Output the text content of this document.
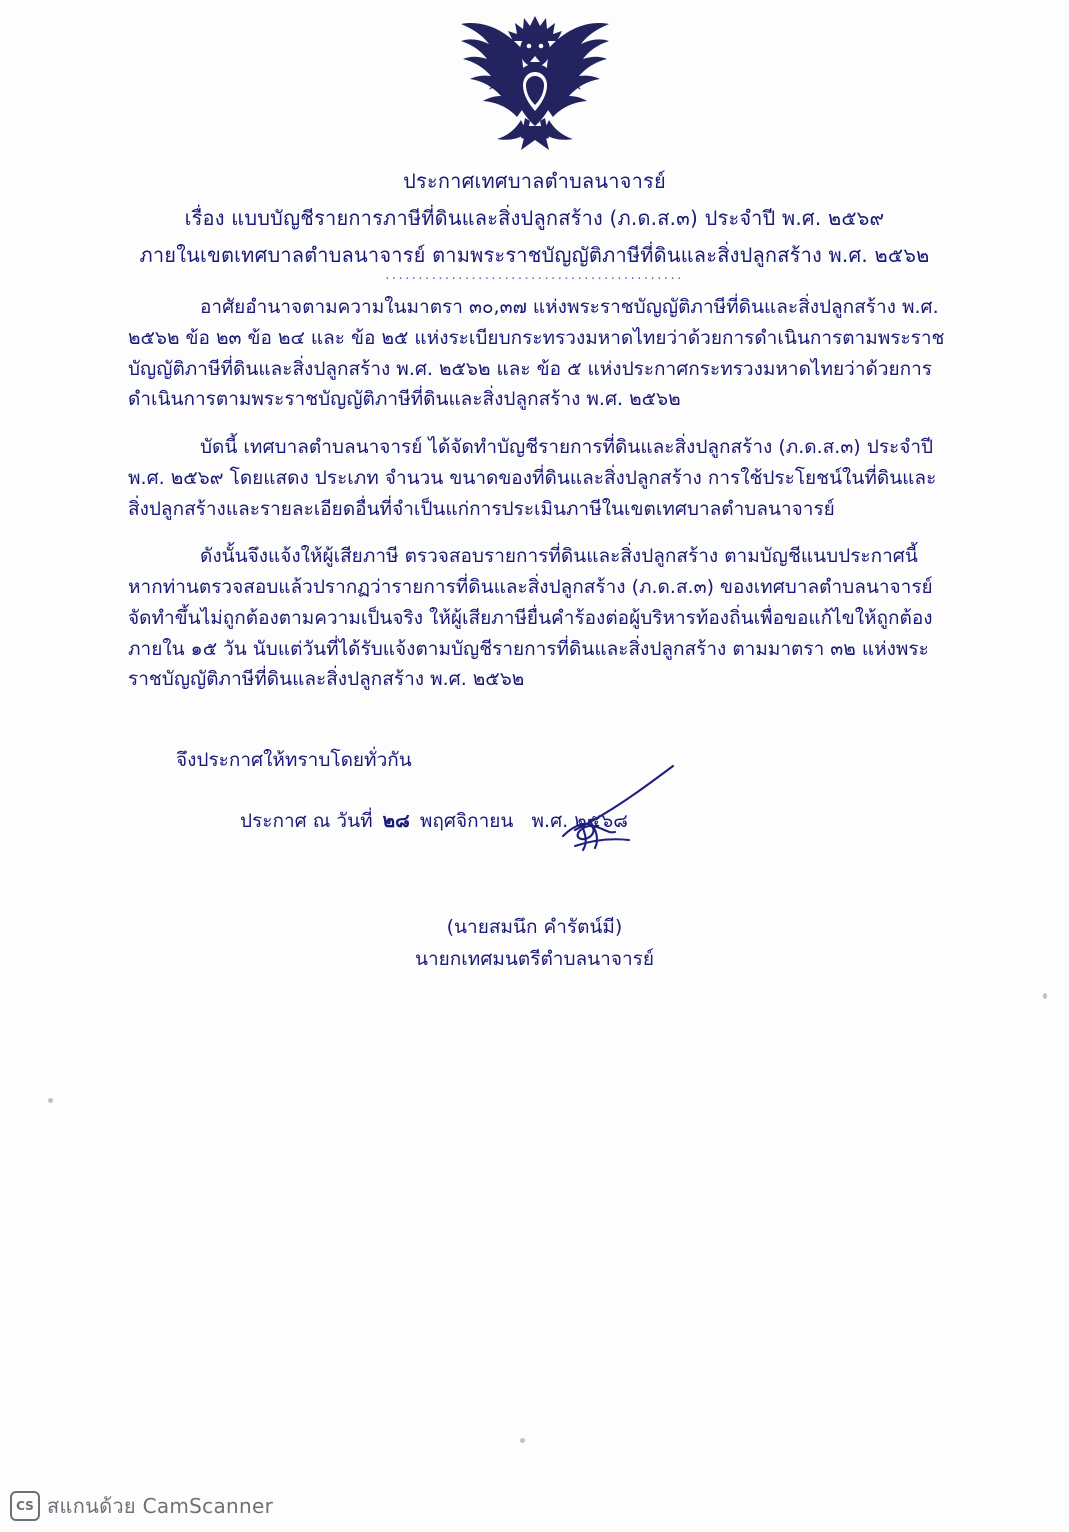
ประกาศเทศบาลตำบลนาจารย์
เรื่อง แบบบัญชีรายการภาษีที่ดินและสิ่งปลูกสร้าง (ภ.ด.ส.๓) ประจำปี พ.ศ. ๒๕๖๙
ภายในเขตเทศบาลตำบลนาจารย์ ตามพระราชบัญญัติภาษีที่ดินและสิ่งปลูกสร้าง พ.ศ. ๒๕๖๒
.............................................

อาศัยอำนาจตามความในมาตรา ๓๐,๓๗ แห่งพระราชบัญญัติภาษีที่ดินและสิ่งปลูกสร้าง พ.ศ. ๒๕๖๒ ข้อ ๒๓ ข้อ ๒๔ และ ข้อ ๒๕ แห่งระเบียบกระทรวงมหาดไทยว่าด้วยการดำเนินการตามพระราชบัญญัติภาษีที่ดินและสิ่งปลูกสร้าง พ.ศ. ๒๕๖๒ และ ข้อ ๕ แห่งประกาศกระทรวงมหาดไทยว่าด้วยการดำเนินการตามพระราชบัญญัติภาษีที่ดินและสิ่งปลูกสร้าง พ.ศ. ๒๕๖๒

บัดนี้ เทศบาลตำบลนาจารย์ ได้จัดทำบัญชีรายการที่ดินและสิ่งปลูกสร้าง (ภ.ด.ส.๓) ประจำปี พ.ศ. ๒๕๖๙ โดยแสดง ประเภท จำนวน ขนาดของที่ดินและสิ่งปลูกสร้าง การใช้ประโยชน์ในที่ดินและสิ่งปลูกสร้างและรายละเอียดอื่นที่จำเป็นแก่การประเมินภาษีในเขตเทศบาลตำบลนาจารย์

ดังนั้นจึงแจ้งให้ผู้เสียภาษี ตรวจสอบรายการที่ดินและสิ่งปลูกสร้าง ตามบัญชีแนบประกาศนี้ หากท่านตรวจสอบแล้วปรากฏว่ารายการที่ดินและสิ่งปลูกสร้าง (ภ.ด.ส.๓) ของเทศบาลตำบลนาจารย์ จัดทำขึ้นไม่ถูกต้องตามความเป็นจริง ให้ผู้เสียภาษียื่นคำร้องต่อผู้บริหารท้องถิ่นเพื่อขอแก้ไขให้ถูกต้อง ภายใน ๑๕ วัน นับแต่วันที่ได้รับแจ้งตามบัญชีรายการที่ดินและสิ่งปลูกสร้าง ตามมาตรา ๓๒ แห่งพระราชบัญญัติภาษีที่ดินและสิ่งปลูกสร้าง พ.ศ. ๒๕๖๒

จึงประกาศให้ทราบโดยทั่วกัน
ประกาศ ณ วันที่ ๒๘ พฤศจิกายน พ.ศ. ๒๕๖๘
(นายสมนึก คำรัตน์มี)
นายกเทศมนตรีตำบลนาจารย์
CS สแกนด้วย CamScanner
